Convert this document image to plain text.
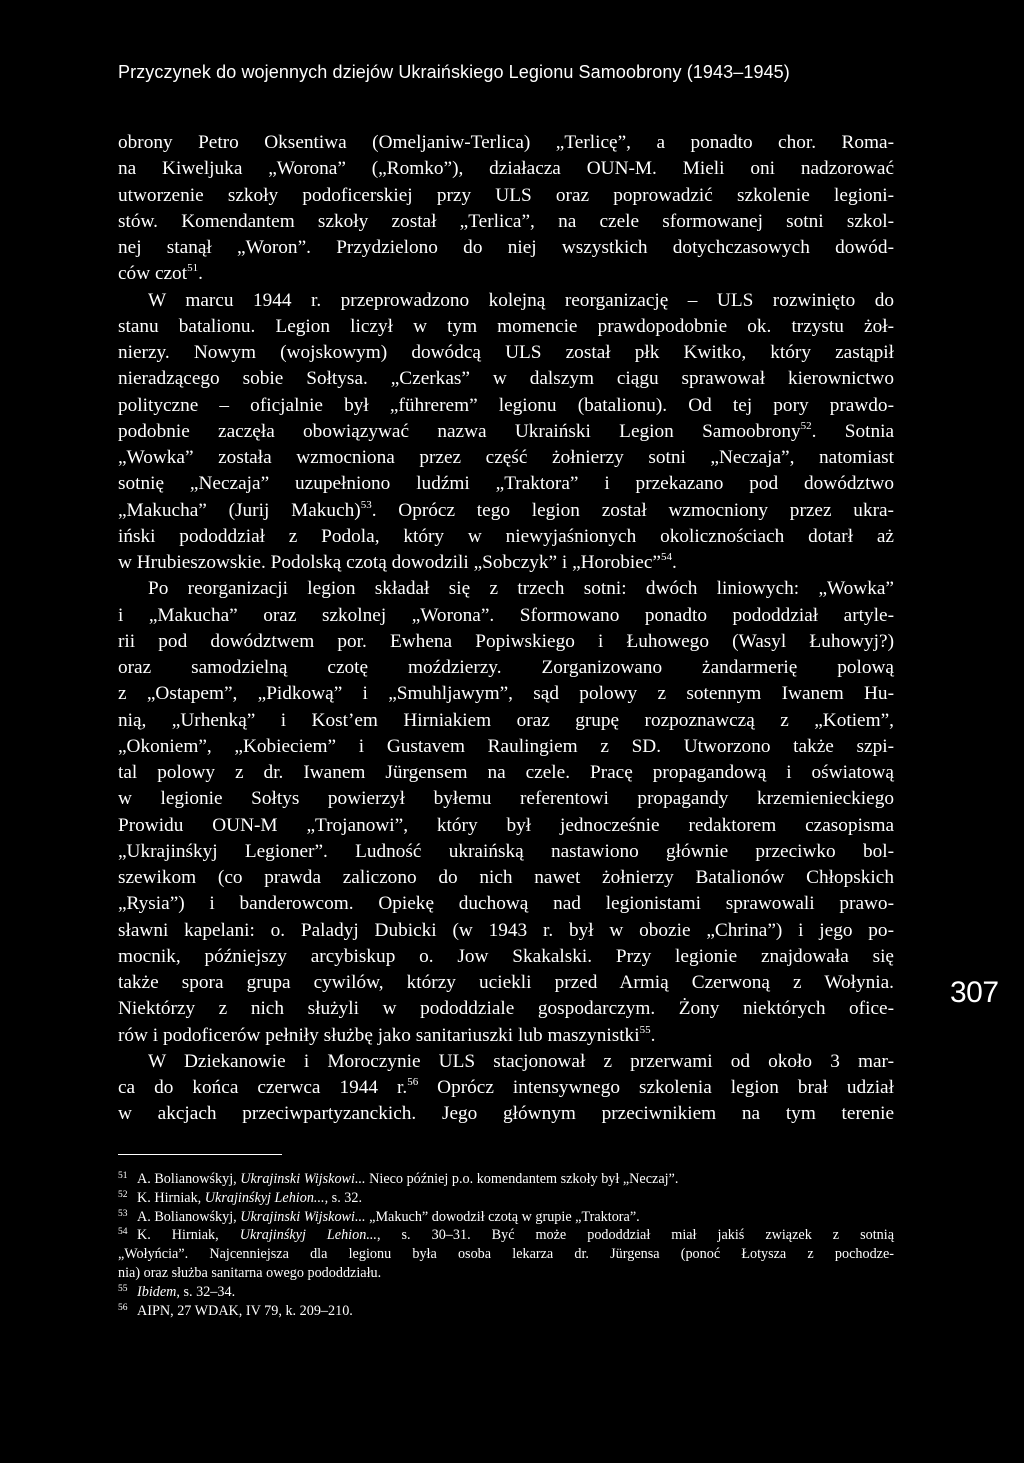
Przyczynek do wojennych dziejów Ukraińskiego Legionu Samoobrony (1943–1945)
obrony Petro Oksentiwa (Omeljaniw-Terlica) „Terlicę”, a ponadto chor. Roma-
na Kiweljuka „Worona” („Romko”), działacza OUN-M. Mieli oni nadzorować
utworzenie szkoły podoficerskiej przy ULS oraz poprowadzić szkolenie legioni-
stów. Komendantem szkoły został „Terlica”, na czele sformowanej sotni szkol-
nej stanął „Woron”. Przydzielono do niej wszystkich dotychczasowych dowód-
ców czot$^{51}$.
W marcu 1944 r. przeprowadzono kolejną reorganizację – ULS rozwinięto do
stanu batalionu. Legion liczył w tym momencie prawdopodobnie ok. trzystu żoł-
nierzy. Nowym (wojskowym) dowódcą ULS został płk Kwitko, który zastąpił
nieradzącego sobie Sołtysa. „Czerkas” w dalszym ciągu sprawował kierownictwo
polityczne – oficjalnie był „führerem” legionu (batalionu). Od tej pory prawdo-
podobnie zaczęła obowiązywać nazwa Ukraiński Legion Samoobrony$^{52}$. Sotnia
„Wowka” została wzmocniona przez część żołnierzy sotni „Neczaja”, natomiast
sotnię „Neczaja” uzupełniono ludźmi „Traktora” i przekazano pod dowództwo
„Makucha” (Jurij Makuch)$^{53}$. Oprócz tego legion został wzmocniony przez ukra-
iński pododdział z Podola, który w niewyjaśnionych okolicznościach dotarł aż
w Hrubieszowskie. Podolską czotą dowodzili „Sobczyk” i „Horobiec”$^{54}$.
Po reorganizacji legion składał się z trzech sotni: dwóch liniowych: „Wowka”
i „Makucha” oraz szkolnej „Worona”. Sformowano ponadto pododdział artyle-
rii pod dowództwem por. Ewhena Popiwskiego i Łuhowego (Wasyl Łuhowyj?)
oraz samodzielną czotę moździerzy. Zorganizowano żandarmerię polową
z „Ostapem”, „Pidkową” i „Smuhljawym”, sąd polowy z sotennym Iwanem Hu-
nią, „Urhenką” i Kost’em Hirniakiem oraz grupę rozpoznawczą z „Kotiem”,
„Okoniem”, „Kobieciem” i Gustavem Raulingiem z SD. Utworzono także szpi-
tal polowy z dr. Iwanem Jürgensem na czele. Pracę propagandową i oświatową
w legionie Sołtys powierzył byłemu referentowi propagandy krzemienieckiego
Prowidu OUN-M „Trojanowi”, który był jednocześnie redaktorem czasopisma
„Ukrajinśkyj Legioner”. Ludność ukraińską nastawiono głównie przeciwko bol-
szewikom (co prawda zaliczono do nich nawet żołnierzy Batalionów Chłopskich
„Rysia”) i banderowcom. Opiekę duchową nad legionistami sprawowali prawo-
sławni kapelani: o. Paladyj Dubicki (w 1943 r. był w obozie „Chrina”) i jego po-
mocnik, późniejszy arcybiskup o. Jow Skakalski. Przy legionie znajdowała się
także spora grupa cywilów, którzy uciekli przed Armią Czerwoną z Wołynia.
Niektórzy z nich służyli w pododdziale gospodarczym. Żony niektórych ofice-
rów i podoficerów pełniły służbę jako sanitariuszki lub maszynistki$^{55}$.
W Dziekanowie i Moroczynie ULS stacjonował z przerwami od około 3 mar-
ca do końca czerwca 1944 r.$^{56}$ Oprócz intensywnego szkolenia legion brał udział
w akcjach przeciwpartyzanckich. Jego głównym przeciwnikiem na tym terenie
307
51 A. Bolianowśkyj, Ukrajinski Wijskowi... Nieco później p.o. komendantem szkoły był „Neczaj”.
52 K. Hirniak, Ukrajinśkyj Lehion..., s. 32.
53 A. Bolianowśkyj, Ukrajinski Wijskowi... „Makuch” dowodził czotą w grupie „Traktora”.
54 K. Hirniak, Ukrajinśkyj Lehion..., s. 30–31. Być może pododdział miał jakiś związek z sotnią
„Wołyńcia”. Najcenniejsza dla legionu była osoba lekarza dr. Jürgensa (ponoć Łotysza z pochodze-
nia) oraz służba sanitarna owego pododdziału.
55 Ibidem, s. 32–34.
56 AIPN, 27 WDAK, IV 79, k. 209–210.
